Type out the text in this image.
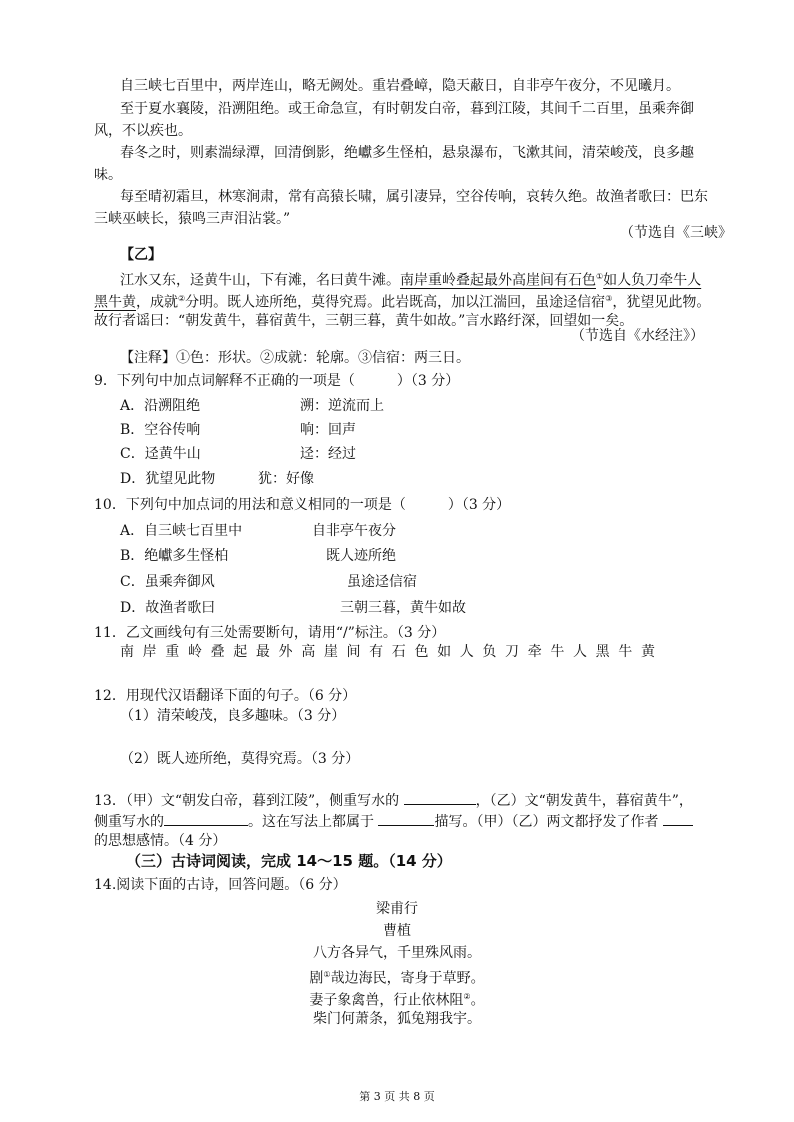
自三峡七百里中，两岸连山，略无阙处。重岩叠嶂，隐天蔽日，自非亭午夜分，不见曦月。
至于夏水襄陵，沿溯阻绝。或王命急宣，有时朝发白帝，暮到江陵，其间千二百里，虽乘奔御
风，不以疾也。
春冬之时，则素湍绿潭，回清倒影，绝巘多生怪柏，悬泉瀑布，飞漱其间，清荣峻茂，良多趣
味。
每至晴初霜旦，林寒涧肃，常有高猿长啸，属引凄异，空谷传响，哀转久绝。故渔者歌曰：巴东
三峡巫峡长，猿鸣三声泪沾裳。”
（节选自《三峡》
【乙】
江水又东，迳黄牛山，下有滩，名曰黄牛滩。南岸重岭叠起最外高崖间有石色①如人负刀牵牛人
黑牛黄，成就②分明。既人迹所绝，莫得究焉。此岩既高，加以江湍回，虽途迳信宿③，犹望见此物。
故行者谣曰：“朝发黄牛，暮宿黄牛，三朝三暮，黄牛如故。”言水路纡深，回望如一矣。
（节选自《水经注》）
【注释】①色：形状。②成就：轮廓。③信宿：两三日。
9．下列句中加点词解释不正确的一项是（　　　）（3 分）
A．沿溯阻绝	溯：逆流而上
B．空谷传响	响：回声
C．迳黄牛山	迳：经过
D．犹望见此物	犹：好像
10．下列句中加点词的用法和意义相同的一项是（　　　）（3 分）
A．自三峡七百里中	自非亭午夜分
B．绝巘多生怪柏	既人迹所绝
C．虽乘奔御风	虽途迳信宿
D．故渔者歌曰	三朝三暮，黄牛如故
11．乙文画线句有三处需要断句，请用“/”标注。（3 分）
南 岸 重 岭 叠 起 最 外 高 崖 间 有 石 色 如 人 负 刀 牵 牛 人 黑 牛 黄
12．用现代汉语翻译下面的句子。（6 分）
（1）清荣峻茂，良多趣味。（3 分）
（2）既人迹所绝，莫得究焉。（3 分）
13．（甲）文“朝发白帝，暮到江陵”，侧重写水的	，（乙）文“朝发黄牛，暮宿黄牛”，
侧重写水的	。这在写法上都属于	描写。（甲）（乙）两文都抒发了作者
的思想感情。（4 分）
（三）古诗词阅读，完成 14～15 题。（14 分）
14.阅读下面的古诗，回答问题。（6 分）
梁甫行
曹植
八方各异气，千里殊风雨。
剧①哉边海民，寄身于草野。
妻子象禽兽，行止依林阻②。
柴门何萧条，狐兔翔我宇。
第 3 页 共 8 页
